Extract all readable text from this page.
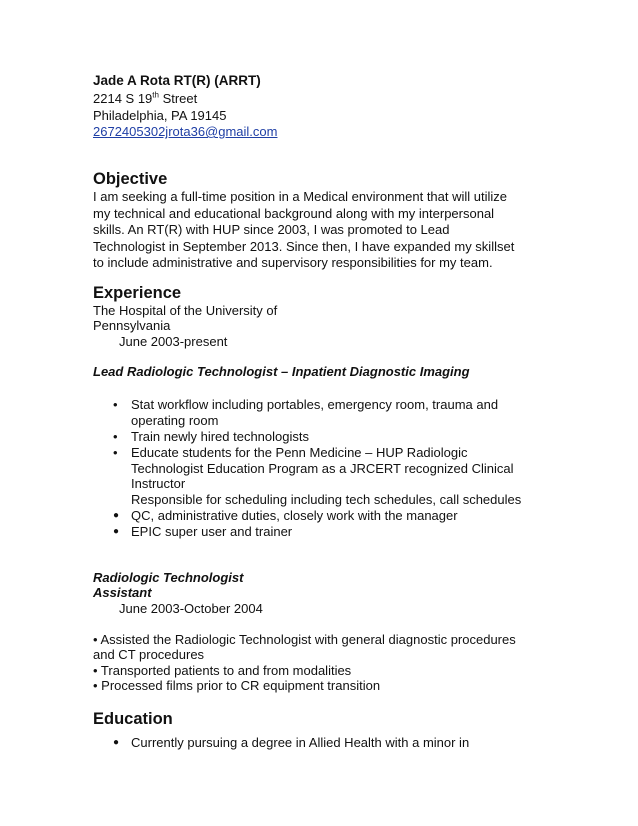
Jade A Rota RT(R) (ARRT)
2214 S 19th Street
Philadelphia, PA 19145
2672405302jrota36@gmail.com
Objective
I am seeking a full-time position in a Medical environment that will utilize
my technical and educational background along with my interpersonal
skills. An RT(R) with HUP since 2003, I was promoted to Lead
Technologist in September 2013. Since then, I have expanded my skillset
to include administrative and supervisory responsibilities for my team.
Experience
The Hospital of the University of
Pennsylvania
June 2003-present
Lead Radiologic Technologist – Inpatient Diagnostic Imaging
• Stat workflow including portables, emergency room, trauma and
operating room
• Train newly hired technologists
• Educate students for the Penn Medicine – HUP Radiologic
Technologist Education Program as a JRCERT recognized Clinical
Instructor
Responsible for scheduling including tech schedules, call schedules
● QC, administrative duties, closely work with the manager
● EPIC super user and trainer
Radiologic Technologist
Assistant
June 2003-October 2004
• Assisted the Radiologic Technologist with general diagnostic procedures
and CT procedures
• Transported patients to and from modalities
• Processed films prior to CR equipment transition
Education
● Currently pursuing a degree in Allied Health with a minor in
